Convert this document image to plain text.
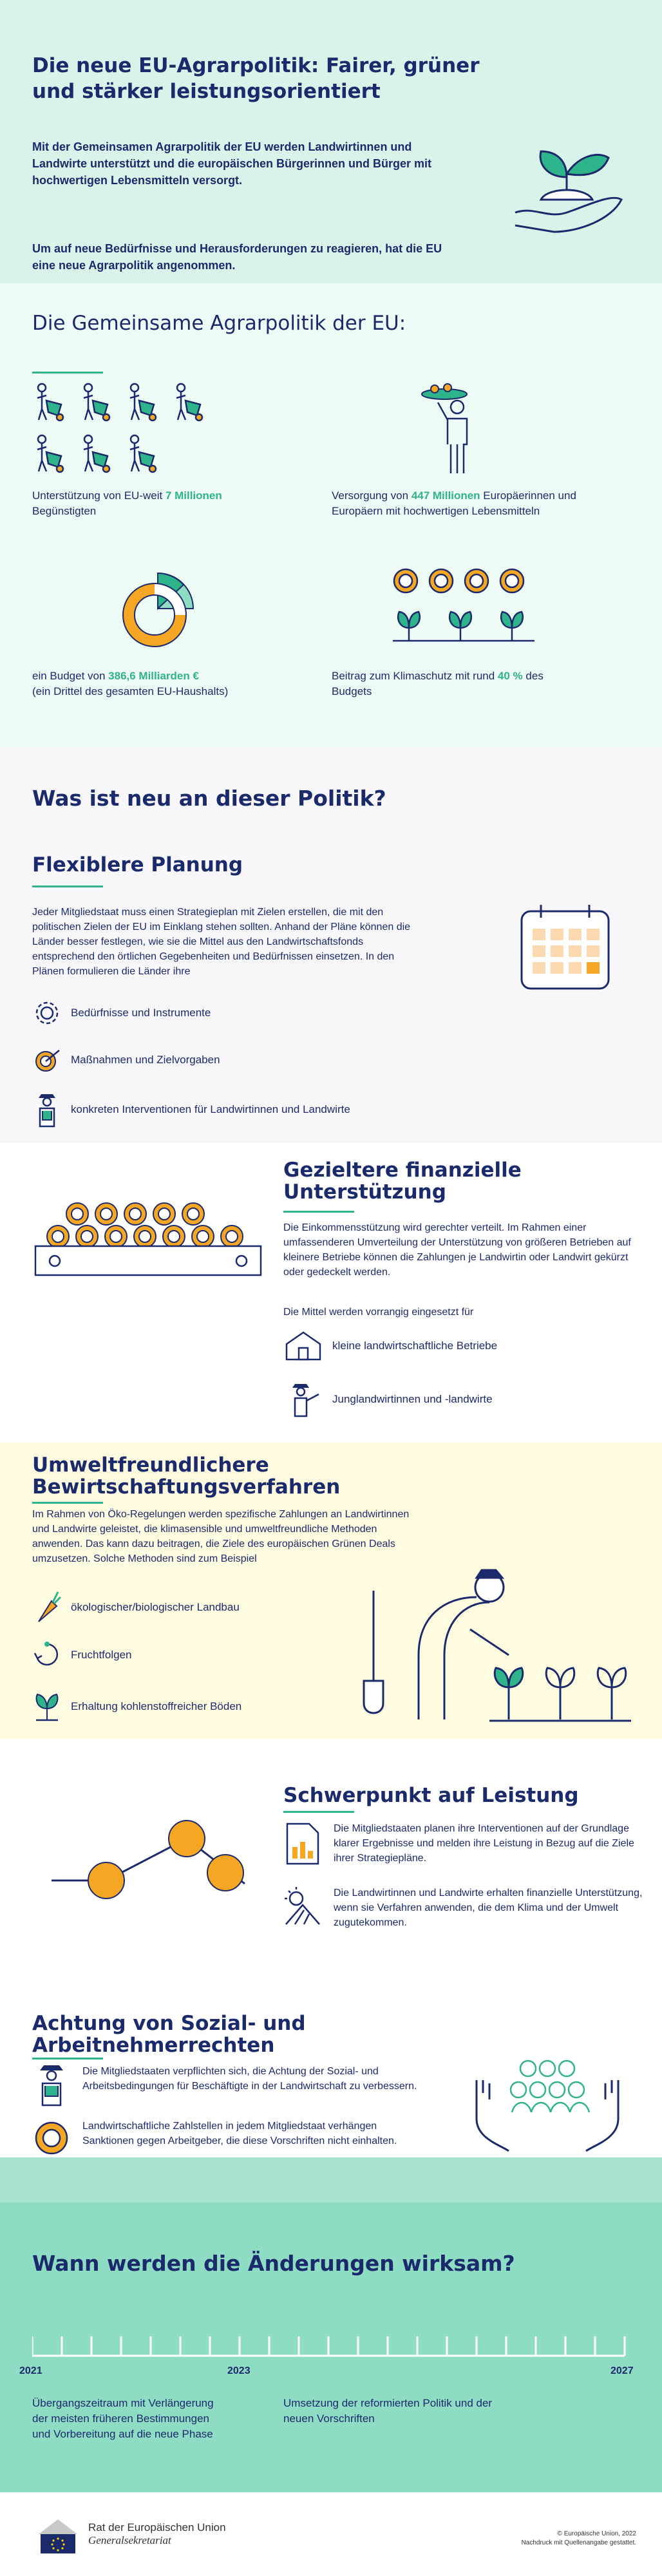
Die neue EU-Agrarpolitik: Fairer, grüner und stärker leistungsorientiert

Mit der Gemeinsamen Agrarpolitik der EU werden Landwirtinnen und Landwirte unterstützt und die europäischen Bürgerinnen und Bürger mit hochwertigen Lebensmitteln versorgt.

Um auf neue Bedürfnisse und Herausforderungen zu reagieren, hat die EU eine neue Agrarpolitik angenommen.

Die Gemeinsame Agrarpolitik der EU:

Unterstützung von EU-weit 7 Millionen
Begünstigten

Versorgung von 447 Millionen Europäerinnen und Europäern mit hochwertigen Lebensmitteln

ein Budget von 386,6 Milliarden €
(ein Drittel des gesamten EU-Haushalts)

Beitrag zum Klimaschutz mit rund 40 % des Budgets

Was ist neu an dieser Politik?
Flexiblere Planung

Jeder Mitgliedstaat muss einen Strategieplan mit Zielen erstellen, die mit den politischen Zielen der EU im Einklang stehen sollten. Anhand der Pläne können die Länder besser festlegen, wie sie die Mittel aus den Landwirtschaftsfonds entsprechend den örtlichen Gegebenheiten und Bedürfnissen einsetzen. In den Plänen formulieren die Länder ihre

Bedürfnisse und Instrumente
Maßnahmen und Zielvorgaben
konkreten Interventionen für Landwirtinnen und Landwirte
Gezieltere finanzielle Unterstützung

Die Einkommensstützung wird gerechter verteilt. Im Rahmen einer umfassenderen Umverteilung der Unterstützung von größeren Betrieben auf kleinere Betriebe können die Zahlungen je Landwirtin oder Landwirt gekürzt oder gedeckelt werden.

Die Mittel werden vorrangig eingesetzt für

kleine landwirtschaftliche Betriebe
Junglandwirtinnen und -landwirte
Umweltfreundlichere Bewirtschaftungsverfahren

Im Rahmen von Öko-Regelungen werden spezifische Zahlungen an Landwirtinnen und Landwirte geleistet, die klimasensible und umweltfreundliche Methoden anwenden. Das kann dazu beitragen, die Ziele des europäischen Grünen Deals umzusetzen. Solche Methoden sind zum Beispiel

ökologischer/biologischer Landbau
Fruchtfolgen
Erhaltung kohlenstoffreicher Böden
Schwerpunkt auf Leistung

Die Mitgliedstaaten planen ihre Interventionen auf der Grundlage klarer Ergebnisse und melden ihre Leistung in Bezug auf die Ziele ihrer Strategiepläne.

Die Landwirtinnen und Landwirte erhalten finanzielle Unterstützung, wenn sie Verfahren anwenden, die dem Klima und der Umwelt zugutekommen.

Achtung von Sozial- und Arbeitnehmerrechten

Die Mitgliedstaaten verpflichten sich, die Achtung der Sozial- und Arbeitsbedingungen für Beschäftigte in der Landwirtschaft zu verbessern.

Landwirtschaftliche Zahlstellen in jedem Mitgliedstaat verhängen Sanktionen gegen Arbeitgeber, die diese Vorschriften nicht einhalten.

Wann werden die Änderungen wirksam?
2021	2023	2027

Übergangszeitraum mit Verlängerung der meisten früheren Bestimmungen und Vorbereitung auf die neue Phase

Umsetzung der reformierten Politik und der neuen Vorschriften

Rat der Europäischen Union
Generalsekretariat
© Europäische Union, 2022
Nachdruck mit Quellenangabe gestattet.
